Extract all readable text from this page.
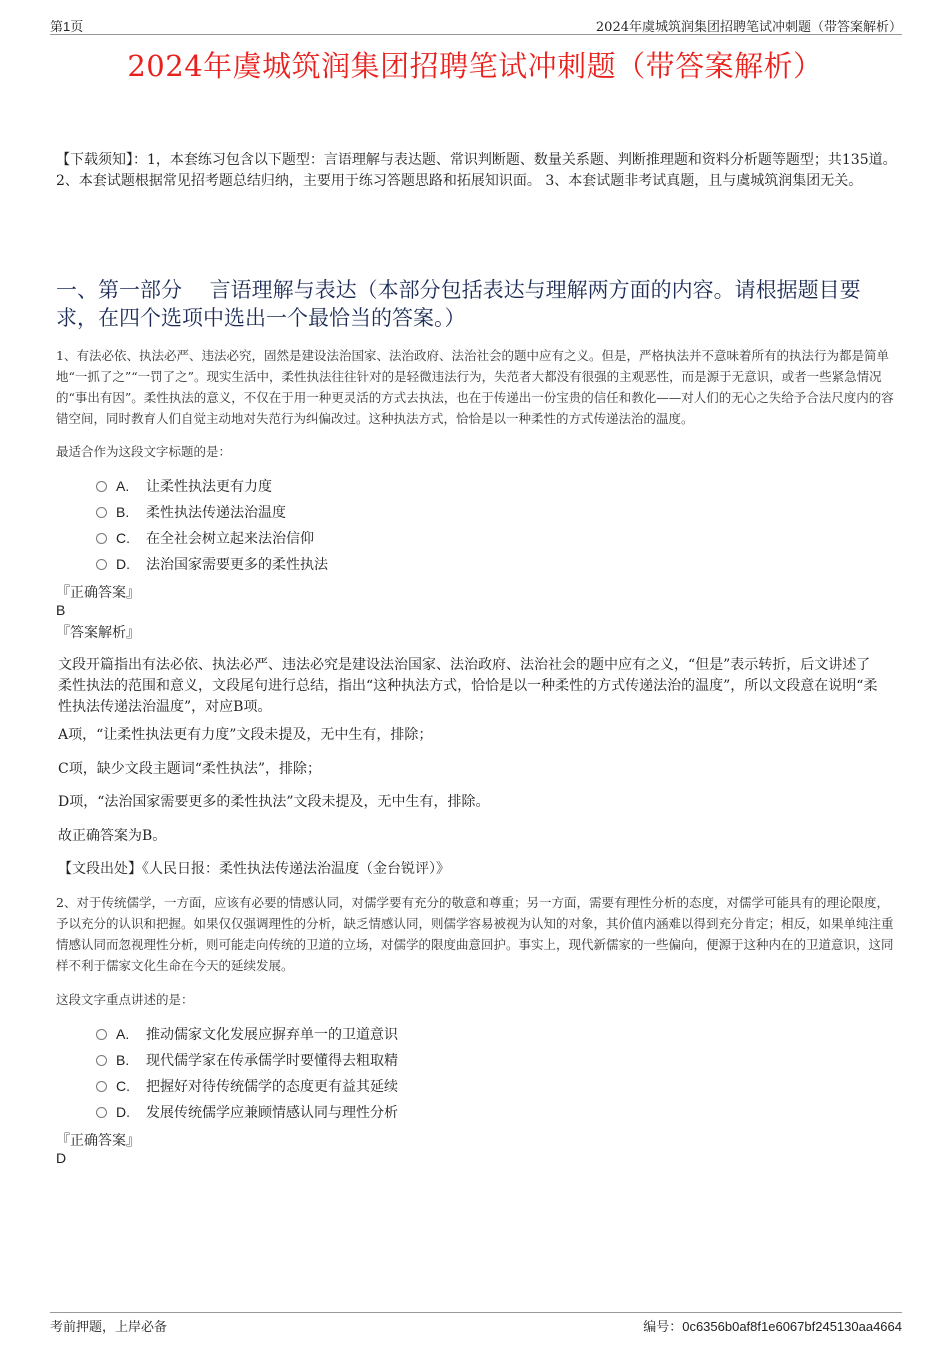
第1页	2024年虞城筑润集团招聘笔试冲刺题（带答案解析）
2024年虞城筑润集团招聘笔试冲刺题（带答案解析）
【下载须知】：1，本套练习包含以下题型：言语理解与表达题、常识判断题、数量关系题、判断推理题和资料分析题等题型；共135道。 2、本套试题根据常见招考题总结归纳，主要用于练习答题思路和拓展知识面。 3、本套试题非考试真题，且与虞城筑润集团无关。
一、第一部分　 言语理解与表达（本部分包括表达与理解两方面的内容。请根据题目要求，在四个选项中选出一个最恰当的答案。）
1、有法必依、执法必严、违法必究，固然是建设法治国家、法治政府、法治社会的题中应有之义。但是，严格执法并不意味着所有的执法行为都是简单地“一抓了之”“一罚了之”。现实生活中，柔性执法往往针对的是轻微违法行为，失范者大都没有很强的主观恶性，而是源于无意识，或者一些紧急情况的“事出有因”。柔性执法的意义，不仅在于用一种更灵活的方式去执法，也在于传递出一份宝贵的信任和教化——对人们的无心之失给予合法尺度内的容错空间，同时教育人们自觉主动地对失范行为纠偏改过。这种执法方式，恰恰是以一种柔性的方式传递法治的温度。
最适合作为这段文字标题的是：
A. 让柔性执法更有力度
B. 柔性执法传递法治温度
C. 在全社会树立起来法治信仰
D. 法治国家需要更多的柔性执法
『正确答案』
B
『答案解析』
文段开篇指出有法必依、执法必严、违法必究是建设法治国家、法治政府、法治社会的题中应有之义，“但是”表示转折，后文讲述了柔性执法的范围和意义，文段尾句进行总结，指出“这种执法方式，恰恰是以一种柔性的方式传递法治的温度”，所以文段意在说明“柔性执法传递法治温度”，对应B项。
A项，“让柔性执法更有力度”文段未提及，无中生有，排除；
C项，缺少文段主题词“柔性执法”，排除；
D项，“法治国家需要更多的柔性执法”文段未提及，无中生有，排除。
故正确答案为B。
【文段出处】《人民日报：柔性执法传递法治温度（金台锐评）》
2、对于传统儒学，一方面，应该有必要的情感认同，对儒学要有充分的敬意和尊重；另一方面，需要有理性分析的态度，对儒学可能具有的理论限度，予以充分的认识和把握。如果仅仅强调理性的分析，缺乏情感认同，则儒学容易被视为认知的对象，其价值内涵难以得到充分肯定；相反，如果单纯注重情感认同而忽视理性分析，则可能走向传统的卫道的立场，对儒学的限度曲意回护。事实上，现代新儒家的一些偏向，便源于这种内在的卫道意识，这同样不利于儒家文化生命在今天的延续发展。
这段文字重点讲述的是：
A. 推动儒家文化发展应摒弃单一的卫道意识
B. 现代儒学家在传承儒学时要懂得去粗取精
C. 把握好对待传统儒学的态度更有益其延续
D. 发展传统儒学应兼顾情感认同与理性分析
『正确答案』
D
考前押题，上岸必备	编号：0c6356b0af8f1e6067bf245130aa4664
